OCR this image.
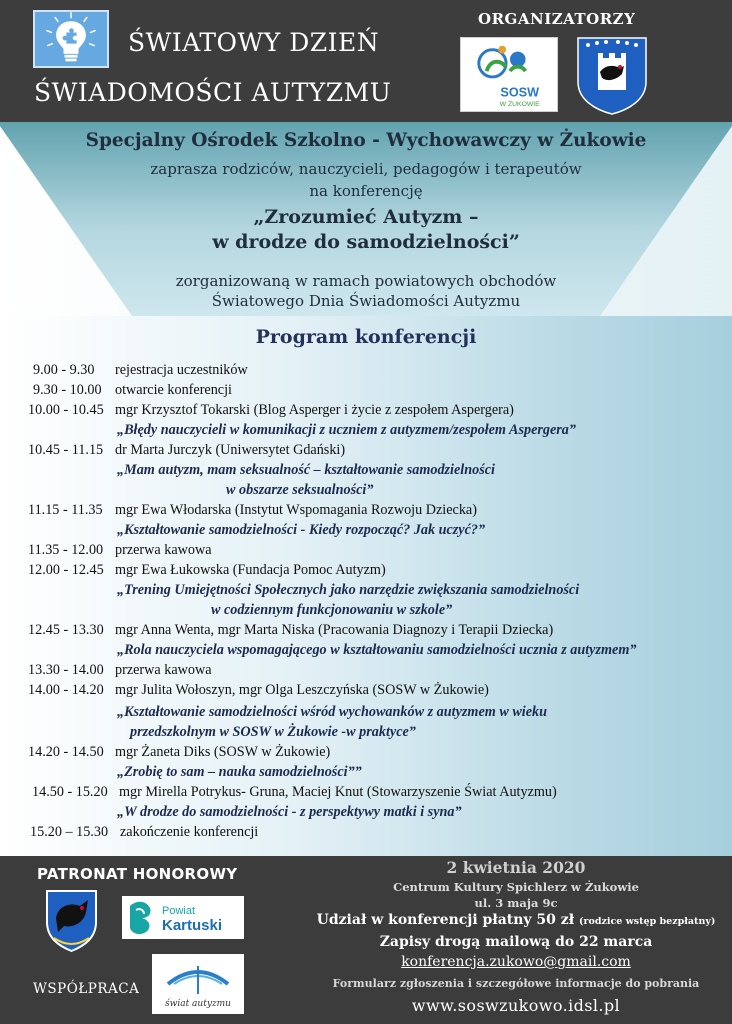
ŚWIATOWY DZIEŃ
ŚWIADOMOŚCI AUTYZMU
ORGANIZATORZY
SOSW
W ŻUKOWIE
Specjalny Ośrodek Szkolno - Wychowawczy w Żukowie
zaprasza rodziców, nauczycieli, pedagogów i terapeutów
na konferencję
„Zrozumieć Autyzm –
w drodze do samodzielności”
zorganizowaną w ramach powiatowych obchodów
Światowego Dnia Świadomości Autyzmu
Program konferencji
9.00 - 9.30 rejestracja uczestników
9.30 - 10.00 otwarcie konferencji
10.00 - 10.45 mgr Krzysztof Tokarski (Blog Asperger i życie z zespołem Aspergera)
„Błędy nauczycieli w komunikacji z uczniem z autyzmem/zespołem Aspergera”
10.45 - 11.15 dr Marta Jurczyk (Uniwersytet Gdański)
„Mam autyzm, mam seksualność – kształtowanie samodzielności
w obszarze seksualności”
11.15 - 11.35 mgr Ewa Włodarska (Instytut Wspomagania Rozwoju Dziecka)
„Kształtowanie samodzielności - Kiedy rozpocząć? Jak uczyć?”
11.35 - 12.00 przerwa kawowa
12.00 - 12.45 mgr Ewa Łukowska (Fundacja Pomoc Autyzm)
„Trening Umiejętności Społecznych jako narzędzie zwiększania samodzielności
w codziennym funkcjonowaniu w szkole”
12.45 - 13.30 mgr Anna Wenta, mgr Marta Niska (Pracowania Diagnozy i Terapii Dziecka)
„Rola nauczyciela wspomagającego w kształtowaniu samodzielności ucznia z autyzmem”
13.30 - 14.00 przerwa kawowa
14.00 - 14.20 mgr Julita Wołoszyn, mgr Olga Leszczyńska (SOSW w Żukowie)
„Kształtowanie samodzielności wśród wychowanków z autyzmem w wieku
przedszkolnym w SOSW w Żukowie -w praktyce”
14.20 - 14.50 mgr Żaneta Diks (SOSW w Żukowie)
„Zrobię to sam – nauka samodzielności””
14.50 - 15.20 mgr Mirella Potrykus- Gruna, Maciej Knut (Stowarzyszenie Świat Autyzmu)
„W drodze do samodzielności - z perspektywy matki i syna”
15.20 – 15.30 zakończenie konferencji
PATRONAT HONOROWY
Powiat
Kartuski
WSPÓŁPRACA
świat autyzmu
2 kwietnia 2020
Centrum Kultury Spichlerz w Żukowie
ul. 3 maja 9c
Udział w konferencji płatny 50 zł (rodzice wstęp bezpłatny)
Zapisy drogą mailową do 22 marca
konferencja.zukowo@gmail.com
Formularz zgłoszenia i szczegółowe informacje do pobrania
www.soswzukowo.idsl.pl
